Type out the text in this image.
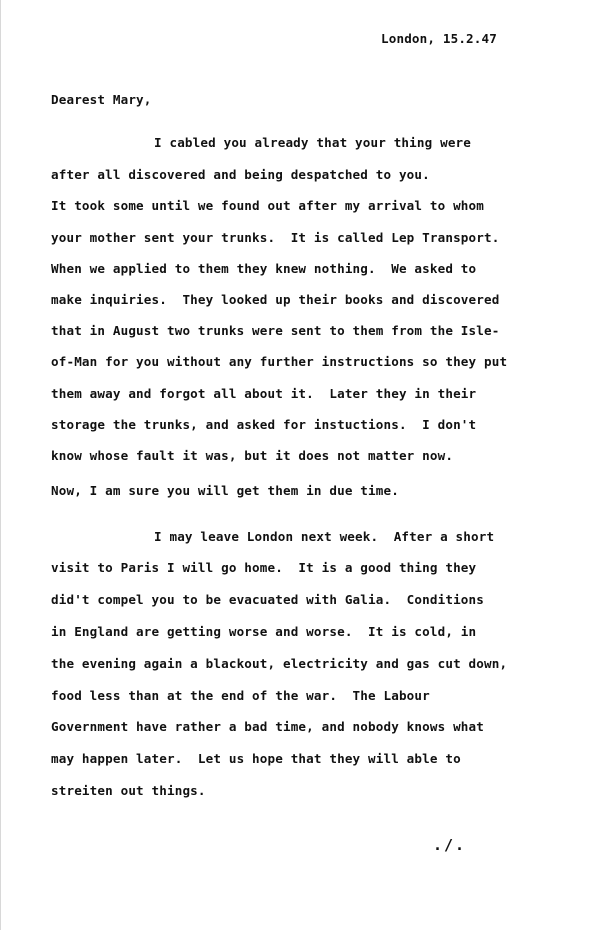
London, 15.2.47
Dearest Mary,
I cabled you already that your thing were
after all discovered and being despatched to you.
It took some until we found out after my arrival to whom
your mother sent your trunks.  It is called Lep Transport.
When we applied to them they knew nothing.  We asked to
make inquiries.  They looked up their books and discovered
that in August two trunks were sent to them from the Isle-
of-Man for you without any further instructions so they put
them away and forgot all about it.  Later they in their
storage the trunks, and asked for instuctions.  I don't
know whose fault it was, but it does not matter now.
Now, I am sure you will get them in due time.
I may leave London next week.  After a short
visit to Paris I will go home.  It is a good thing they
did't compel you to be evacuated with Galia.  Conditions
in England are getting worse and worse.  It is cold, in
the evening again a blackout, electricity and gas cut down,
food less than at the end of the war.  The Labour
Government have rather a bad time, and nobody knows what
may happen later.  Let us hope that they will able to
streiten out things.
./.
